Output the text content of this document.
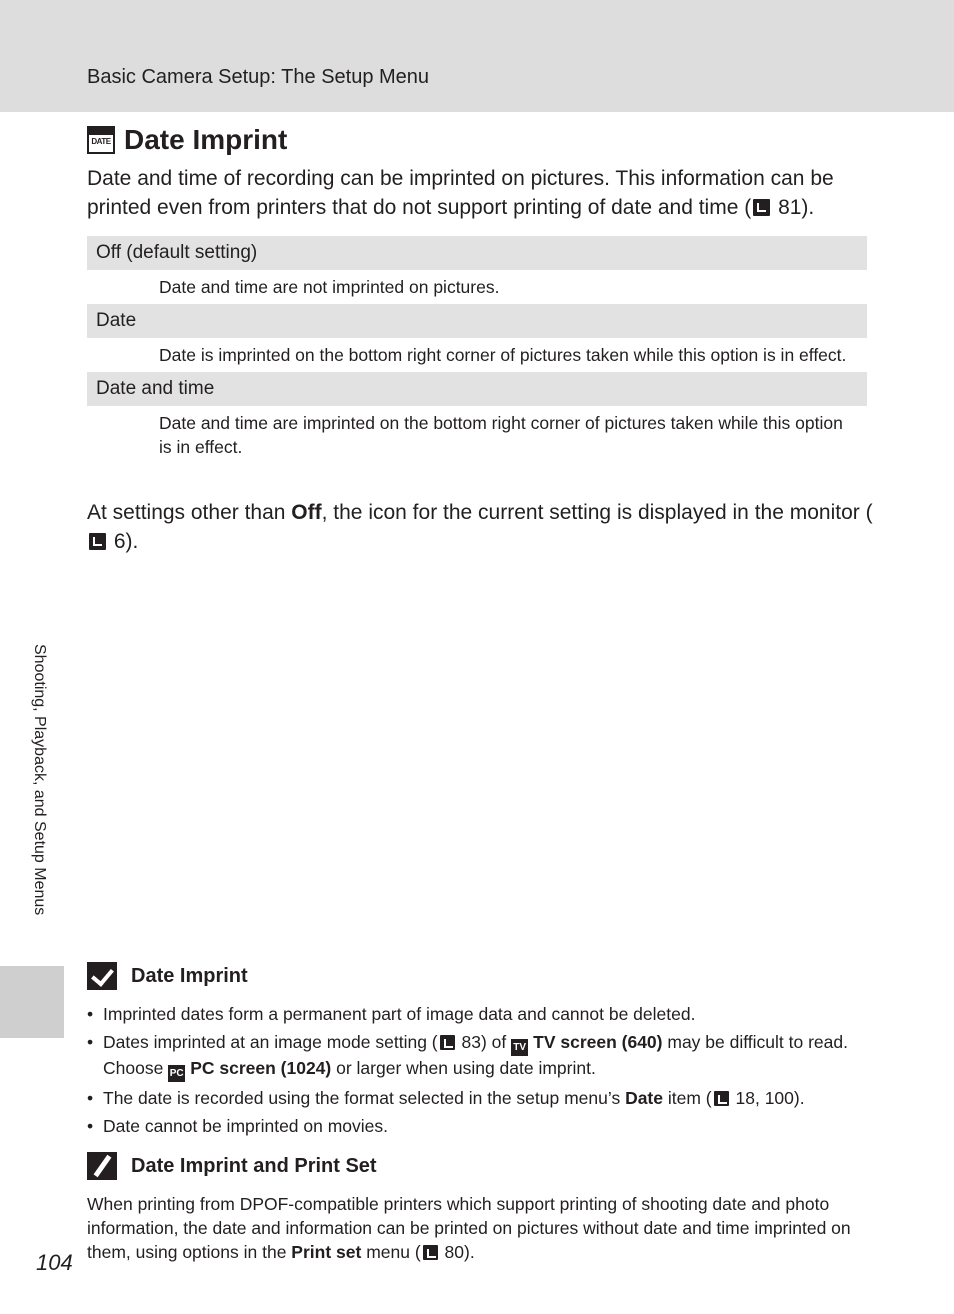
Basic Camera Setup: The Setup Menu
Shooting, Playback, and Setup Menus
DATE Date Imprint
Date and time of recording can be imprinted on pictures. This information can be printed even from printers that do not support printing of date and time ( 81).
Off (default setting)
Date and time are not imprinted on pictures.
Date
Date is imprinted on the bottom right corner of pictures taken while this option is in effect.
Date and time
Date and time are imprinted on the bottom right corner of pictures taken while this option is in effect.
At settings other than Off, the icon for the current setting is displayed in the monitor ( 6).
Date Imprint
• Imprinted dates form a permanent part of image data and cannot be deleted.
• Dates imprinted at an image mode setting ( 83) of TV TV screen (640) may be difficult to read. Choose PC PC screen (1024) or larger when using date imprint.
• The date is recorded using the format selected in the setup menu’s Date item ( 18, 100).
• Date cannot be imprinted on movies.
Date Imprint and Print Set
When printing from DPOF-compatible printers which support printing of shooting date and photo information, the date and information can be printed on pictures without date and time imprinted on them, using options in the Print set menu ( 80).
104
